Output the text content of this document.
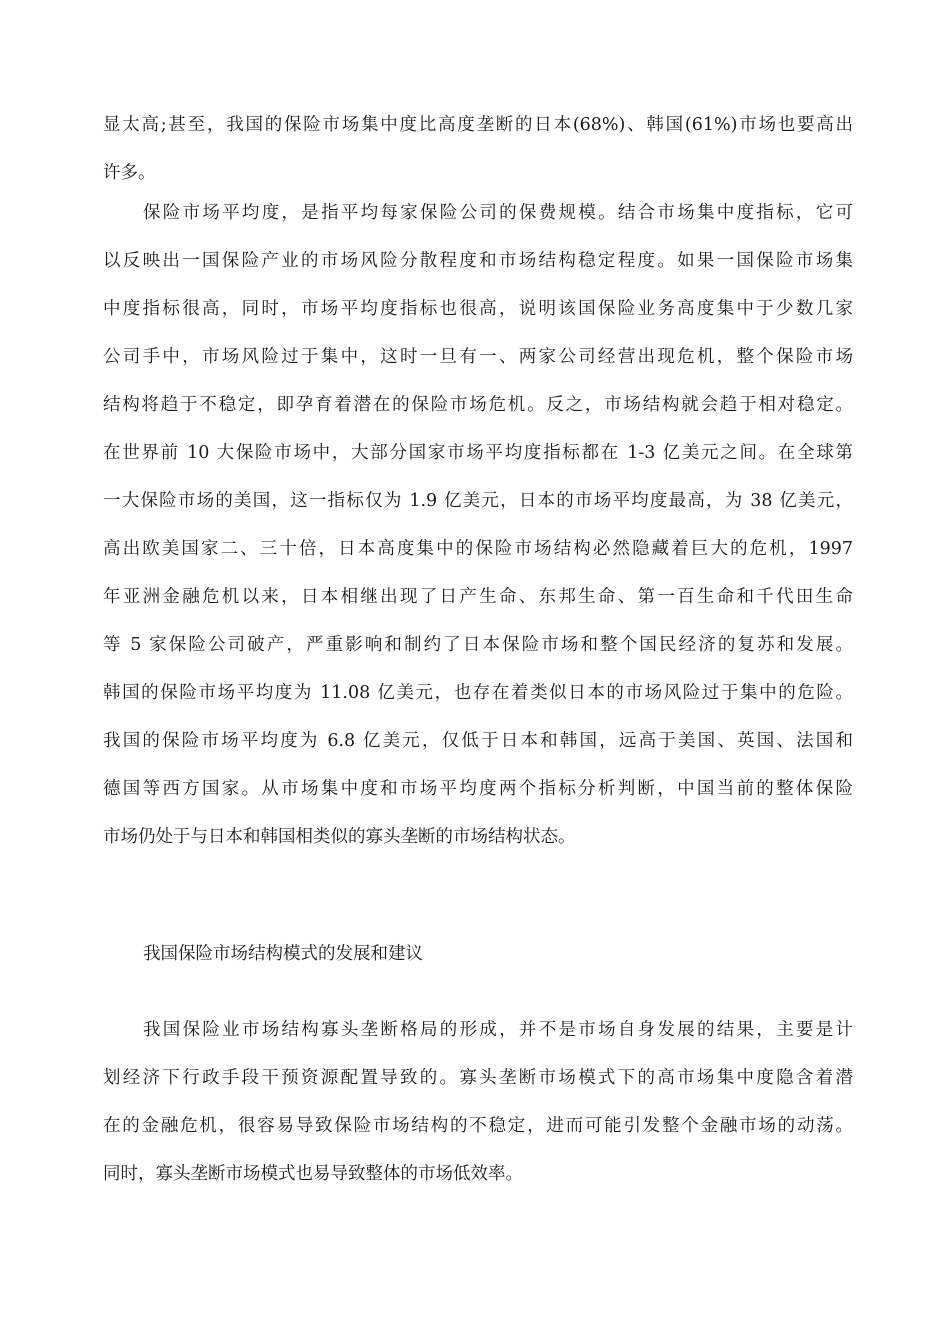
显太高;甚至，我国的保险市场集中度比高度垄断的日本(68%)、韩国(61%)市场也要高出
许多。
保险市场平均度，是指平均每家保险公司的保费规模。结合市场集中度指标，它可
以反映出一国保险产业的市场风险分散程度和市场结构稳定程度。如果一国保险市场集
中度指标很高，同时，市场平均度指标也很高，说明该国保险业务高度集中于少数几家
公司手中，市场风险过于集中，这时一旦有一、两家公司经营出现危机，整个保险市场
结构将趋于不稳定，即孕育着潜在的保险市场危机。反之，市场结构就会趋于相对稳定。
在世界前 10 大保险市场中，大部分国家市场平均度指标都在 1-3 亿美元之间。在全球第
一大保险市场的美国，这一指标仅为 1.9 亿美元，日本的市场平均度最高，为 38 亿美元，
高出欧美国家二、三十倍，日本高度集中的保险市场结构必然隐藏着巨大的危机，1997
年亚洲金融危机以来，日本相继出现了日产生命、东邦生命、第一百生命和千代田生命
等 5 家保险公司破产，严重影响和制约了日本保险市场和整个国民经济的复苏和发展。
韩国的保险市场平均度为 11.08 亿美元，也存在着类似日本的市场风险过于集中的危险。
我国的保险市场平均度为 6.8 亿美元，仅低于日本和韩国，远高于美国、英国、法国和
德国等西方国家。从市场集中度和市场平均度两个指标分析判断，中国当前的整体保险
市场仍处于与日本和韩国相类似的寡头垄断的市场结构状态。
我国保险市场结构模式的发展和建议
我国保险业市场结构寡头垄断格局的形成，并不是市场自身发展的结果，主要是计
划经济下行政手段干预资源配置导致的。寡头垄断市场模式下的高市场集中度隐含着潜
在的金融危机，很容易导致保险市场结构的不稳定，进而可能引发整个金融市场的动荡。
同时，寡头垄断市场模式也易导致整体的市场低效率。
